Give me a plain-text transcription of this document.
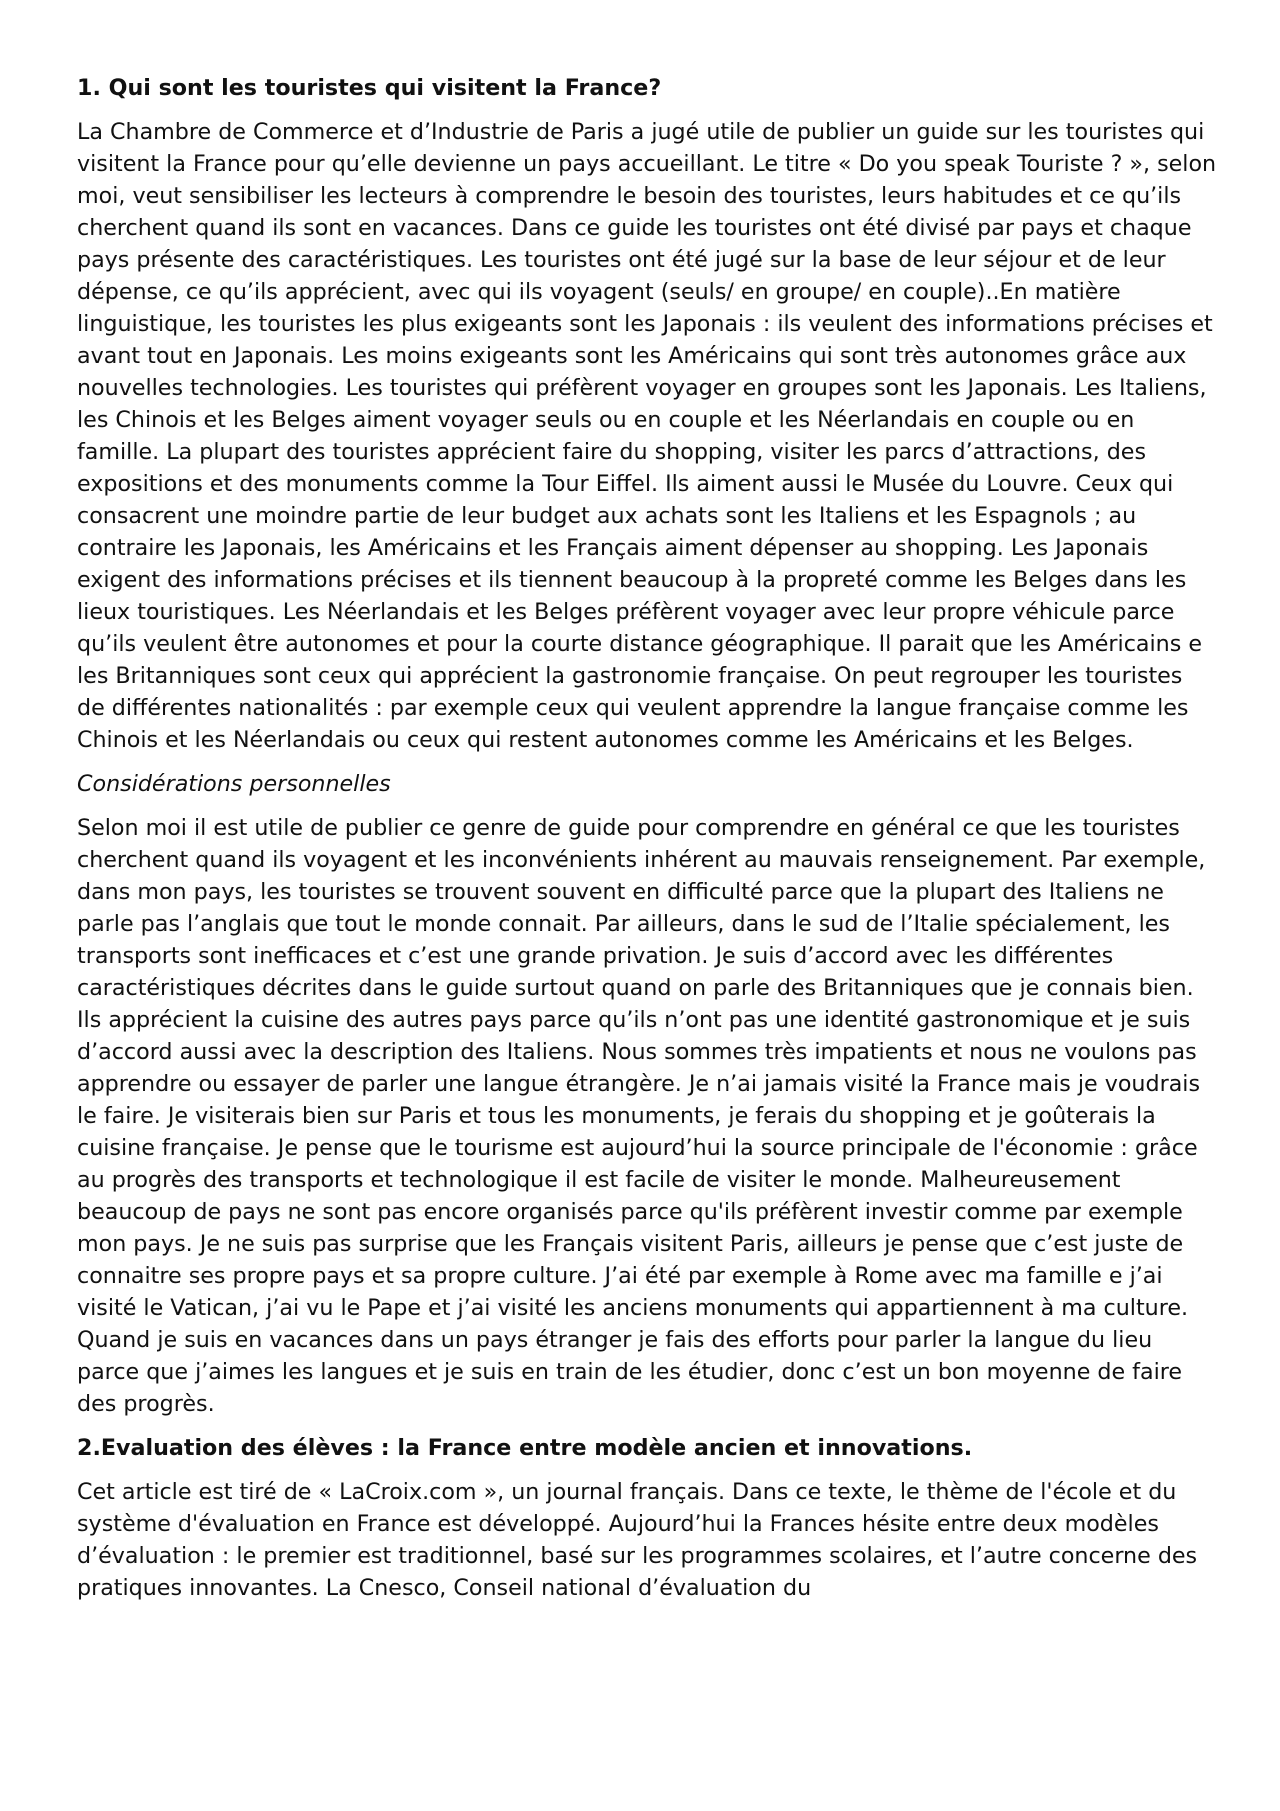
1. Qui sont les touristes qui visitent la France?

La Chambre de Commerce et d’Industrie de Paris a jugé utile de publier un guide sur les touristes qui visitent la France pour qu’elle devienne un pays accueillant. Le titre « Do you speak Touriste ? », selon moi, veut sensibiliser les lecteurs à comprendre le besoin des touristes, leurs habitudes et ce qu’ils cherchent quand ils sont en vacances. Dans ce guide les touristes ont été divisé par pays et chaque pays présente des caractéristiques. Les touristes ont été jugé sur la base de leur séjour et de leur dépense, ce qu’ils apprécient, avec qui ils voyagent (seuls/ en groupe/ en couple)..En matière linguistique, les touristes les plus exigeants sont les Japonais : ils veulent des informations précises et avant tout en Japonais. Les moins exigeants sont les Américains qui sont très autonomes grâce aux nouvelles technologies. Les touristes qui préfèrent voyager en groupes sont les Japonais. Les Italiens, les Chinois et les Belges aiment voyager seuls ou en couple et les Néerlandais en couple ou en famille. La plupart des touristes apprécient faire du shopping, visiter les parcs d’attractions, des expositions et des monuments comme la Tour Eiffel. Ils aiment aussi le Musée du Louvre. Ceux qui consacrent une moindre partie de leur budget aux achats sont les Italiens et les Espagnols ; au contraire les Japonais, les Américains et les Français aiment dépenser au shopping. Les Japonais exigent des informations précises et ils tiennent beaucoup à la propreté comme les Belges dans les lieux touristiques. Les Néerlandais et les Belges préfèrent voyager avec leur propre véhicule parce qu’ils veulent être autonomes et pour la courte distance géographique. Il parait que les Américains e les Britanniques sont ceux qui apprécient la gastronomie française. On peut regrouper les touristes de différentes nationalités : par exemple ceux qui veulent apprendre la langue française comme les Chinois et les Néerlandais ou ceux qui restent autonomes comme les Américains et les Belges.

Considérations personnelles

Selon moi il est utile de publier ce genre de guide pour comprendre en général ce que les touristes cherchent quand ils voyagent et les inconvénients inhérent au mauvais renseignement. Par exemple, dans mon pays, les touristes se trouvent souvent en difficulté parce que la plupart des Italiens ne parle pas l’anglais que tout le monde connait. Par ailleurs, dans le sud de l’Italie spécialement, les transports sont inefficaces et c’est une grande privation. Je suis d’accord avec les différentes caractéristiques décrites dans le guide surtout quand on parle des Britanniques que je connais bien. Ils apprécient la cuisine des autres pays parce qu’ils n’ont pas une identité gastronomique et je suis d’accord aussi avec la description des Italiens. Nous sommes très impatients et nous ne voulons pas apprendre ou essayer de parler une langue étrangère. Je n’ai jamais visité la France mais je voudrais le faire. Je visiterais bien sur Paris et tous les monuments, je ferais du shopping et je goûterais la cuisine française. Je pense que le tourisme est aujourd’hui la source principale de l'économie : grâce au progrès des transports et technologique il est facile de visiter le monde. Malheureusement beaucoup de pays ne sont pas encore organisés parce qu'ils préfèrent investir comme par exemple mon pays. Je ne suis pas surprise que les Français visitent Paris, ailleurs je pense que c’est juste de connaitre ses propre pays et sa propre culture. J’ai été par exemple à Rome avec ma famille e j’ai visité le Vatican, j’ai vu le Pape et j’ai visité les anciens monuments qui appartiennent à ma culture. Quand je suis en vacances dans un pays étranger je fais des efforts pour parler la langue du lieu parce que j’aimes les langues et je suis en train de les étudier, donc c’est un bon moyenne de faire des progrès.

2.Evaluation des élèves : la France entre modèle ancien et innovations.

Cet article est tiré de « LaCroix.com », un journal français. Dans ce texte, le thème de l'école et du système d'évaluation en France est développé. Aujourd’hui la Frances hésite entre deux modèles d’évaluation : le premier est traditionnel, basé sur les programmes scolaires, et l’autre concerne des pratiques innovantes. La Cnesco, Conseil national d’évaluation du
